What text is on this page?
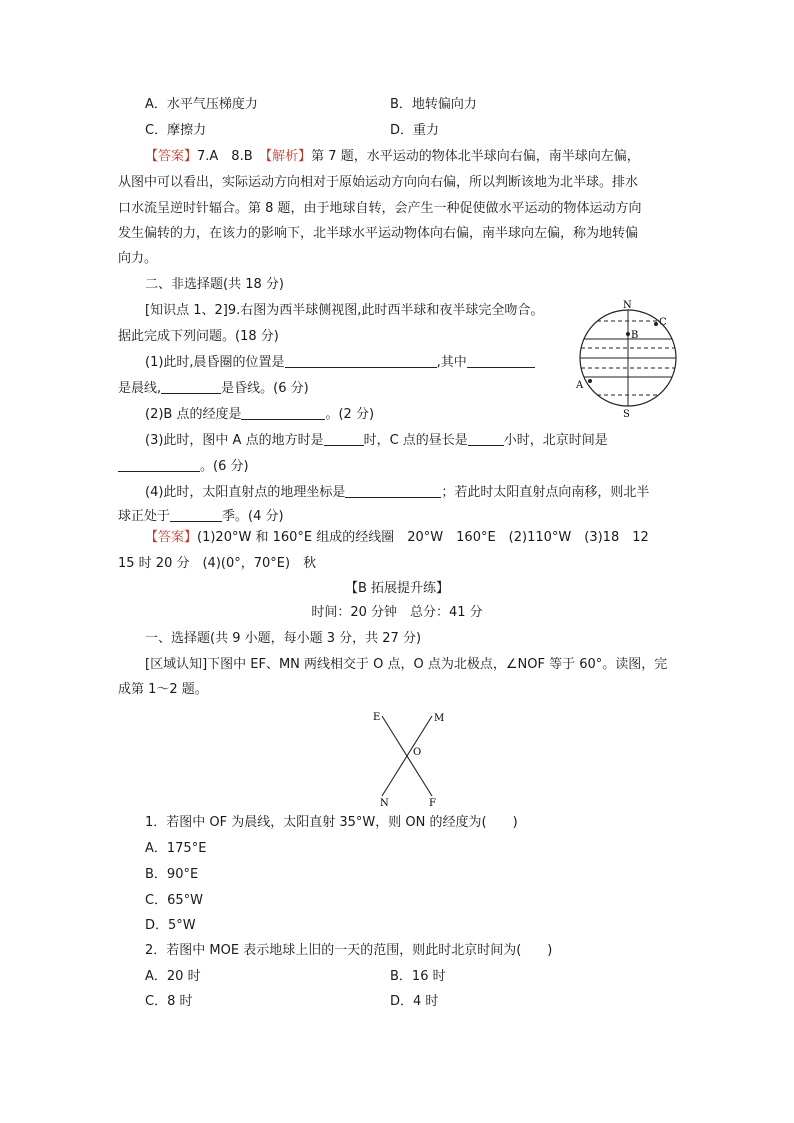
A．水平气压梯度力	B．地转偏向力
C．摩擦力	D．重力
【答案】7.A　8.B　【解析】第 7 题，水平运动的物体北半球向右偏，南半球向左偏，
从图中可以看出，实际运动方向相对于原始运动方向向右偏，所以判断该地为北半球。排水
口水流呈逆时针辐合。第 8 题，由于地球自转，会产生一种促使做水平运动的物体运动方向
发生偏转的力，在该力的影响下，北半球水平运动物体向右偏，南半球向左偏，称为地转偏
向力。
二、非选择题(共 18 分)
[知识点 1、2]9.右图为西半球侧视图,此时西半球和夜半球完全吻合。
据此完成下列问题。(18 分)
(1)此时,晨昏圈的位置是	,其中
是晨线,	是昏线。(6 分)
(2)B 点的经度是	。(2 分)
(3)此时，图中 A 点的地方时是	时，C 点的昼长是	小时，北京时间是
。(6 分)
(4)此时，太阳直射点的地理坐标是	；若此时太阳直射点向南移，则北半
球正处于	季。(4 分)
N
S
B
C
A
【答案】(1)20°W 和 160°E 组成的经线圈　20°W　160°E　(2)110°W　(3)18　12
15 时 20 分　(4)(0°，70°E)　秋
【B 拓展提升练】
时间：20 分钟　总分：41 分
一、选择题(共 9 小题，每小题 3 分，共 27 分)
[区域认知]下图中 EF、MN 两线相交于 O 点，O 点为北极点，∠NOF 等于 60°。读图，完
成第 1～2 题。
E	M
O
N	F
1．若图中 OF 为晨线，太阳直射 35°W，则 ON 的经度为(　　)
A．175°E
B．90°E
C．65°W
D．5°W
2．若图中 MOE 表示地球上旧的一天的范围，则此时北京时间为(　　)
A．20 时	B．16 时
C．8 时	D．4 时
